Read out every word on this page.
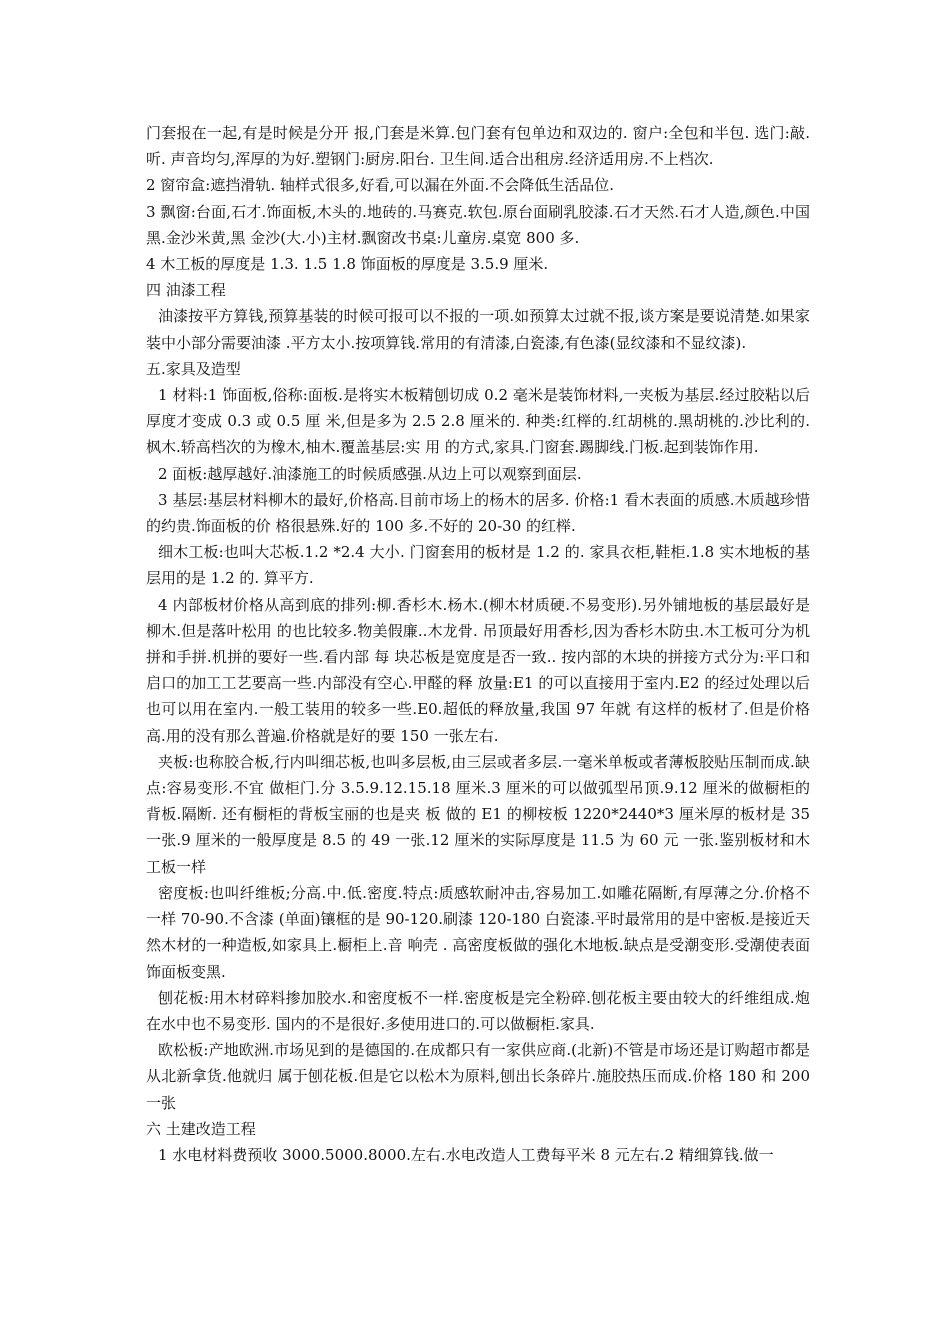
门套报在一起,有是时候是分开 报,门套是米算.包门套有包单边和双边的. 窗户:全包和半包. 选门:敲.听. 声音均匀,浑厚的为好.塑钢门:厨房.阳台. 卫生间.适合出租房.经济适用房.不上档次.

2 窗帘盒:遮挡滑轨. 轴样式很多,好看,可以漏在外面.不会降低生活品位.

3 飘窗:台面,石才.饰面板,木头的.地砖的.马赛克.软包.原台面刷乳胶漆.石才天然.石才人造,颜色.中国黑.金沙米黄,黑 金沙(大.小)主材.飘窗改书桌:儿童房.桌宽 800 多.

4 木工板的厚度是 1.3. 1.5 1.8 饰面板的厚度是 3.5.9 厘米.

四 油漆工程

油漆按平方算钱,预算基装的时候可报可以不报的一项.如预算太过就不报,谈方案是要说清楚.如果家装中小部分需要油漆 .平方太小.按项算钱.常用的有清漆,白瓷漆,有色漆(显纹漆和不显纹漆).

五.家具及造型

1 材料:1 饰面板,俗称:面板.是将实木板精刨切成 0.2 毫米是装饰材料,一夹板为基层.经过胶粘以后厚度才变成 0.3 或 0.5 厘 米,但是多为 2.5 2.8 厘米的. 种类:红榉的.红胡桃的.黑胡桃的.沙比利的.枫木.轿高档次的为橡木,柚木.覆盖基层:实 用 的方式,家具.门窗套.踢脚线.门板.起到装饰作用.

2 面板:越厚越好.油漆施工的时候质感强.从边上可以观察到面层.

3 基层:基层材料柳木的最好,价格高.目前市场上的杨木的居多. 价格:1 看木表面的质感.木质越珍惜的约贵.饰面板的价 格很悬殊.好的 100 多.不好的 20-30 的红榉.

细木工板:也叫大芯板.1.2 *2.4 大小. 门窗套用的板材是 1.2 的. 家具衣柜,鞋柜.1.8 实木地板的基层用的是 1.2 的. 算平方.

4 内部板材价格从高到底的排列:柳.香杉木.杨木.(柳木材质硬.不易变形).另外铺地板的基层最好是柳木.但是落叶松用 的也比较多.物美假廉..木龙骨. 吊顶最好用香杉,因为香杉木防虫.木工板可分为机拼和手拼.机拼的要好一些.看内部 每 块芯板是宽度是否一致.. 按内部的木块的拼接方式分为:平口和启口的加工工艺要高一些.内部没有空心.甲醛的释 放量:E1 的可以直接用于室内.E2 的经过处理以后也可以用在室内.一般工装用的较多一些.E0.超低的释放量,我国 97 年就 有这样的板材了.但是价格高.用的没有那么普遍.价格就是好的要 150 一张左右.

夹板:也称胶合板,行内叫细芯板,也叫多层板,由三层或者多层.一毫米单板或者薄板胶贴压制而成.缺点:容易变形.不宜 做柜门.分 3.5.9.12.15.18 厘米.3 厘米的可以做弧型吊顶.9.12 厘米的做橱柜的背板.隔断. 还有橱柜的背板宝丽的也是夹 板 做的 E1 的柳桉板 1220*2440*3 厘米厚的板材是 35 一张.9 厘米的一般厚度是 8.5 的 49 一张.12 厘米的实际厚度是 11.5 为 60 元 一张.鉴别板材和木工板一样

密度板:也叫纤维板;分高.中.低.密度.特点:质感软耐冲击,容易加工.如雕花隔断,有厚薄之分.价格不一样 70-90.不含漆 (单面)镶框的是 90-120.刷漆 120-180 白瓷漆.平时最常用的是中密板.是接近天然木材的一种造板,如家具上.橱柜上.音 响壳 . 高密度板做的强化木地板.缺点是受潮变形.受潮使表面饰面板变黑.

刨花板:用木材碎料掺加胶水.和密度板不一样.密度板是完全粉碎.刨花板主要由较大的纤维组成.炮在水中也不易变形. 国内的不是很好.多使用进口的.可以做橱柜.家具.

欧松板:产地欧洲.市场见到的是德国的.在成都只有一家供应商.(北新)不管是市场还是订购超市都是从北新拿货.他就归 属于刨花板.但是它以松木为原料,刨出长条碎片.施胶热压而成.价格 180 和 200 一张

六 土建改造工程

1 水电材料费预收 3000.5000.8000.左右.水电改造人工费每平米 8 元左右.2 精细算钱.做一
